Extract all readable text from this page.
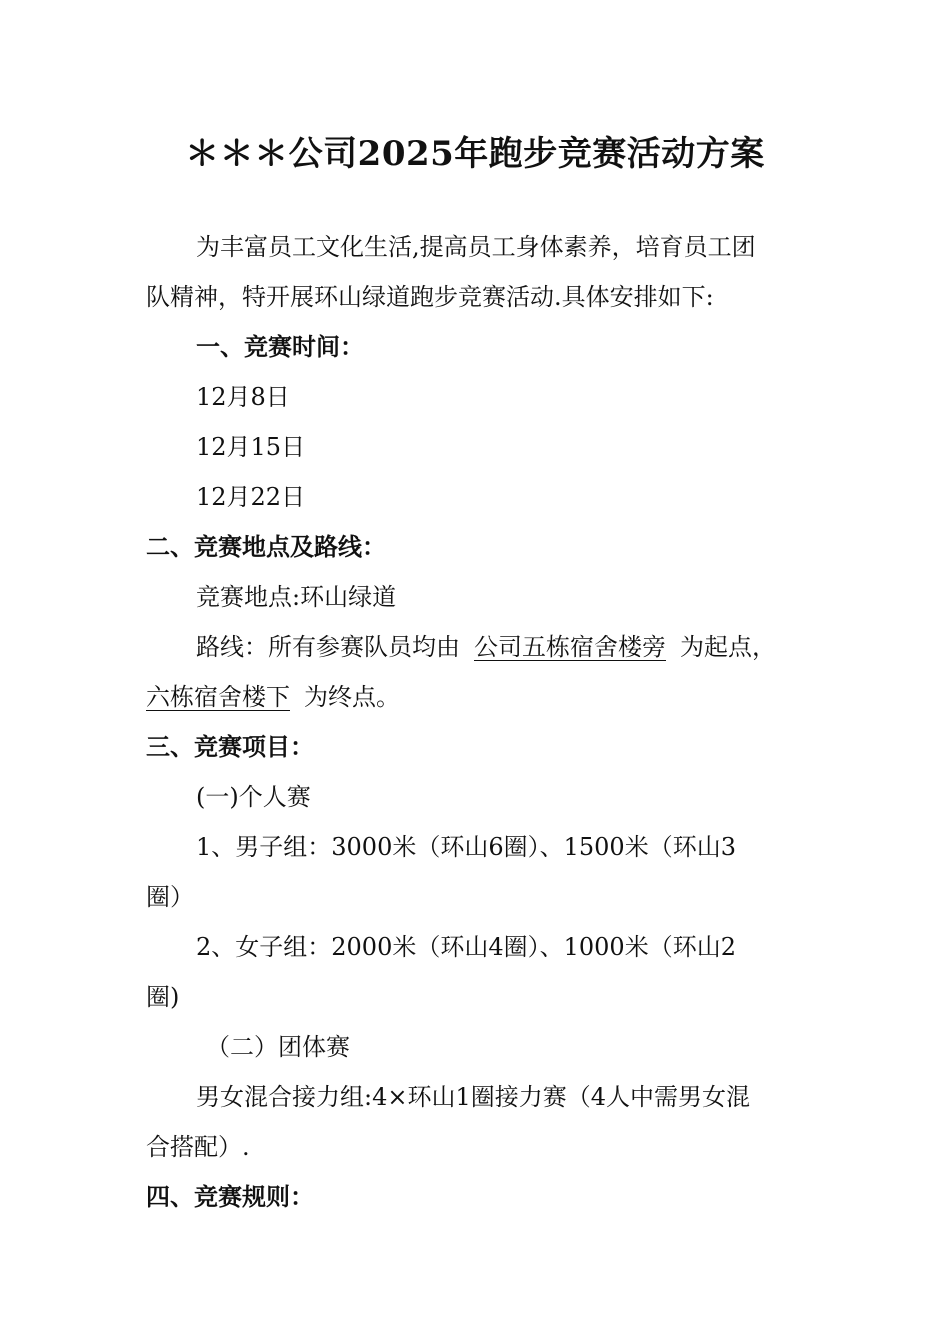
＊＊＊公司2025年跑步竞赛活动方案

为丰富员工文化生活,提高员工身体素养，培育员工团

队精神，特开展环山绿道跑步竞赛活动.具体安排如下:

一、竞赛时间：

12月8日

12月15日

12月22日

二、竞赛地点及路线：

竞赛地点:环山绿道

路线：所有参赛队员均由 公司五栋宿舍楼旁 为起点，

六栋宿舍楼下 为终点。

三、竞赛项目：

(一)个人赛

1、男子组：3000米（环山6圈）、1500米（环山3

圈）

2、女子组：2000米（环山4圈）、1000米（环山2

圈)

（二）团体赛

男女混合接力组:4×环山1圈接力赛（4人中需男女混

合搭配）.

四、竞赛规则：
